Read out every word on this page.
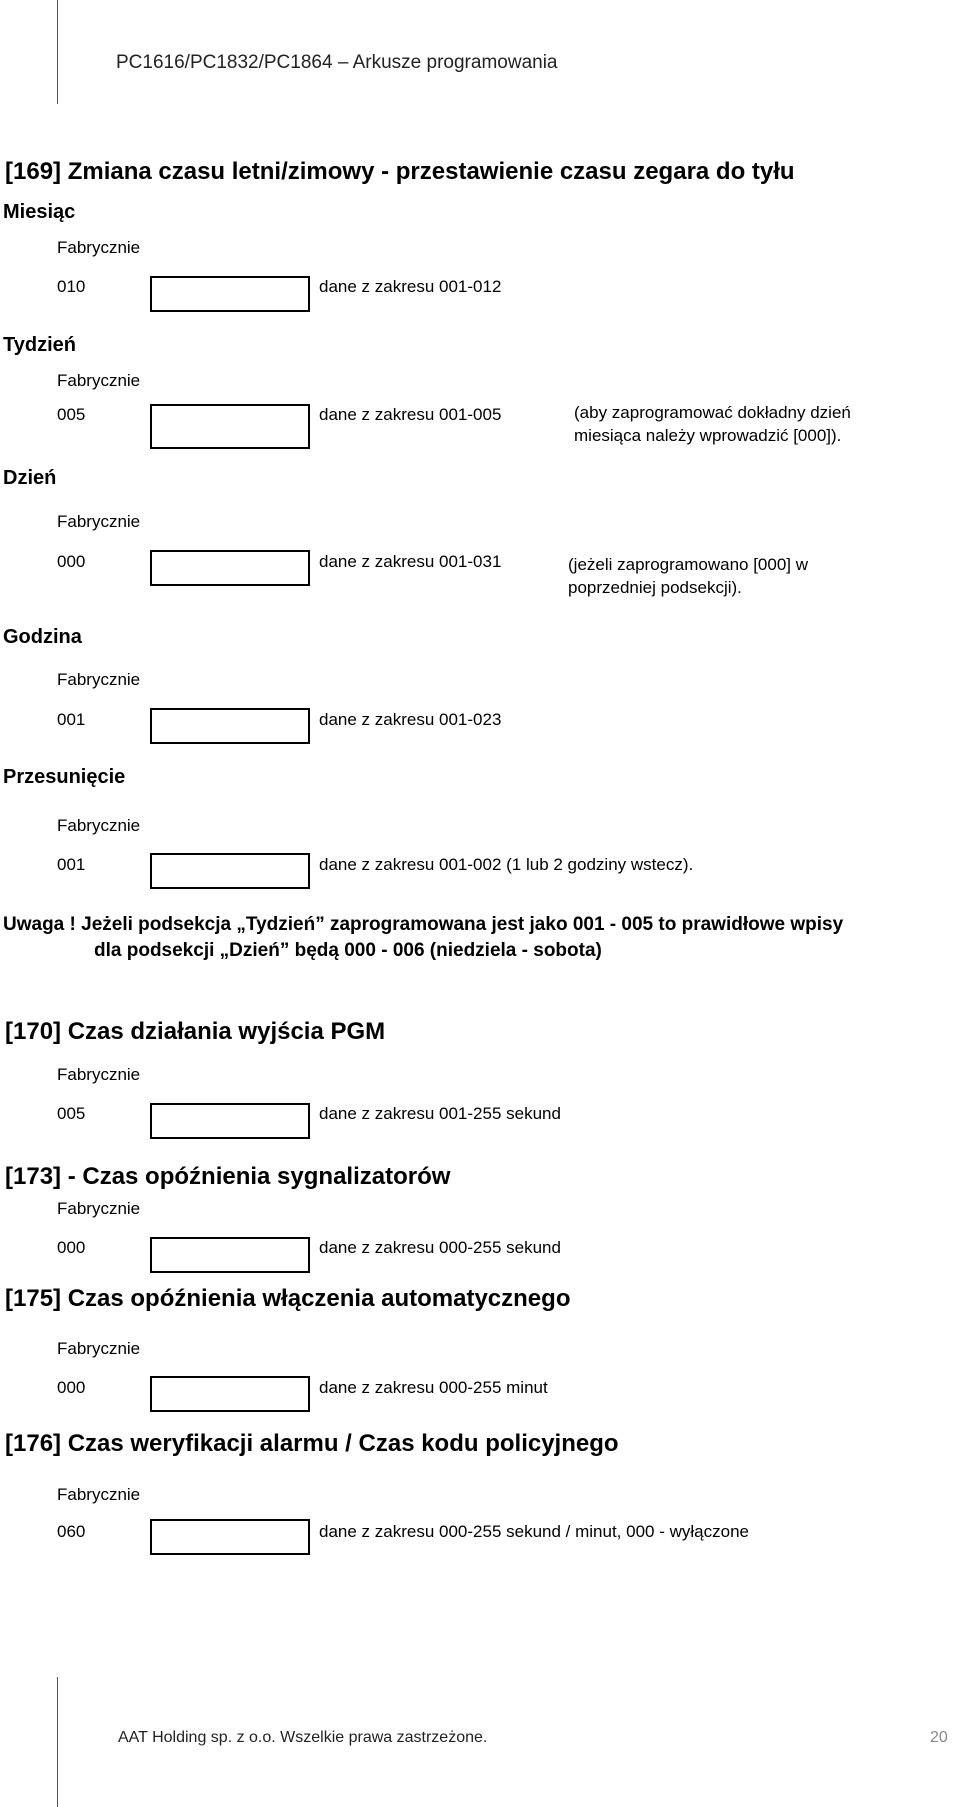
PC1616/PC1832/PC1864 – Arkusze programowania
[169] Zmiana czasu letni/zimowy - przestawienie czasu zegara do tyłu
Miesiąc
Fabrycznie
010	dane z zakresu 001-012
Tydzień
Fabrycznie
005	dane z zakresu 001-005	(aby zaprogramować dokładny dzień miesiąca należy wprowadzić [000]).
Dzień
Fabrycznie
000	dane z zakresu 001-031	(jeżeli zaprogramowano [000] w poprzedniej podsekcji).
Godzina
Fabrycznie
001	dane z zakresu 001-023
Przesunięcie
Fabrycznie
001	dane z zakresu 001-002 (1 lub 2 godziny wstecz).
Uwaga ! Jeżeli podsekcja „Tydzień” zaprogramowana jest jako 001 - 005 to prawidłowe wpisy
dla podsekcji „Dzień” będą 000 - 006 (niedziela - sobota)
[170] Czas działania wyjścia PGM
Fabrycznie
005	dane z zakresu 001-255 sekund
[173] - Czas opóźnienia sygnalizatorów
Fabrycznie
000	dane z zakresu 000-255 sekund
[175] Czas opóźnienia włączenia automatycznego
Fabrycznie
000	dane z zakresu 000-255 minut
[176] Czas weryfikacji alarmu / Czas kodu policyjnego
Fabrycznie
060	dane z zakresu 000-255 sekund / minut, 000 - wyłączone
AAT Holding sp. z o.o. Wszelkie prawa zastrzeżone.	20
